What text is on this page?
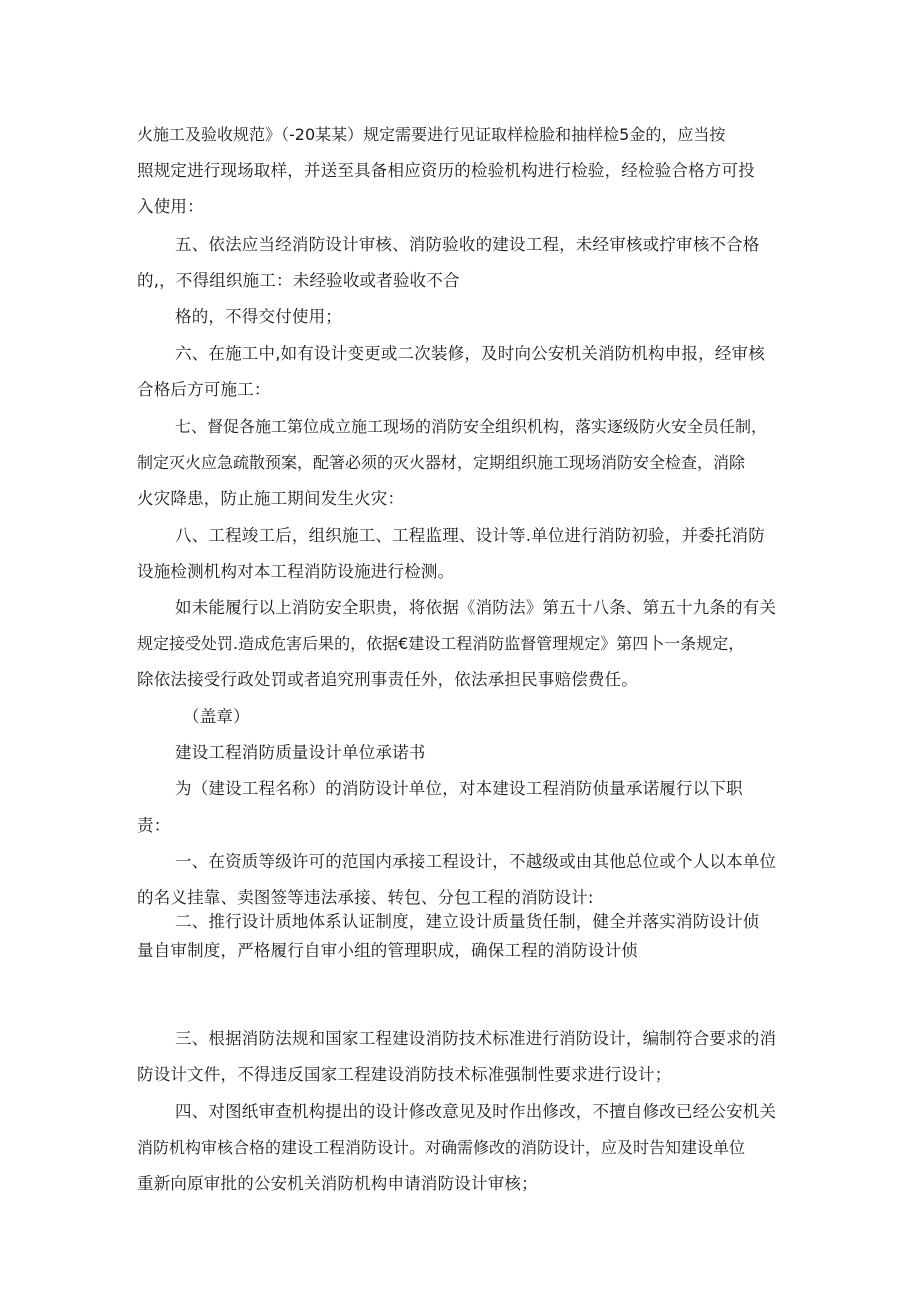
火施工及验收规范》（-20某某）规定需要进行见证取样检脸和抽样检5金的，应当按
照规定进行现场取样，并送至具备相应资历的检验机构进行检验，经检验合格方可投
入使用：
五、依法应当经消防设计审核、消防验收的建设工程，未经审核或拧审核不合格
的,，不得组织施工：未经验收或者验收不合
格的，不得交付使用；
六、在施工中,如有设计变更或二次装修，及时向公安机关消防机构申报，经审核
合格后方可施工：
七、督促各施工第位成立施工现场的消防安全组织机构，落实逐级防火安全员任制，
制定灭火应急疏散预案，配箸必须的灭火器材，定期组织施工现场消防安全检查，消除
火灾降患，防止施工期间发生火灾：
八、工程竣工后，组织施工、工程监理、设计等.单位进行消防初验，并委托消防
设施检测机构对本工程消防设施进行检测。
如未能履行以上消防安全职贵，将依据《消防法》第五十八条、第五十九条的有关
规定接受处罚.造成危害后果的，依据€建设工程消防监督管理规定》第四卜一条规定，
除依法接受行政处罚或者追究刑事责任外，依法承担民事赔偿费任。
（盖章）
建设工程消防质量设计单位承诺书
为（建设工程名称）的消防设计单位，对本建设工程消防侦量承诺履行以下职
责：
一、在资质等级许可的范国内承接工程设计，不越级或由其他总位或个人以本单位
的名义挂靠、卖图签等违法承接、转包、分包工程的消防设计:
二、推行设计质地体系认证制度，建立设计质量货任制，健全并落实消防设计侦
量自审制度，严格履行自审小组的管理职成，确保工程的消防设计侦
三、根据消防法规和国家工程建设消防技术标准进行消防设计，编制符合要求的消
防设计文件，不得违反国家工程建设消防技术标准强制性要求进行设计；
四、对图纸审查机构提出的设计修改意见及时作出修改，不擅自修改已经公安机关
消防机构审核合格的建设工程消防设计。对确需修改的消防设计，应及时告知建设单位
重新向原审批的公安机关消防机构申请消防设计审核；
